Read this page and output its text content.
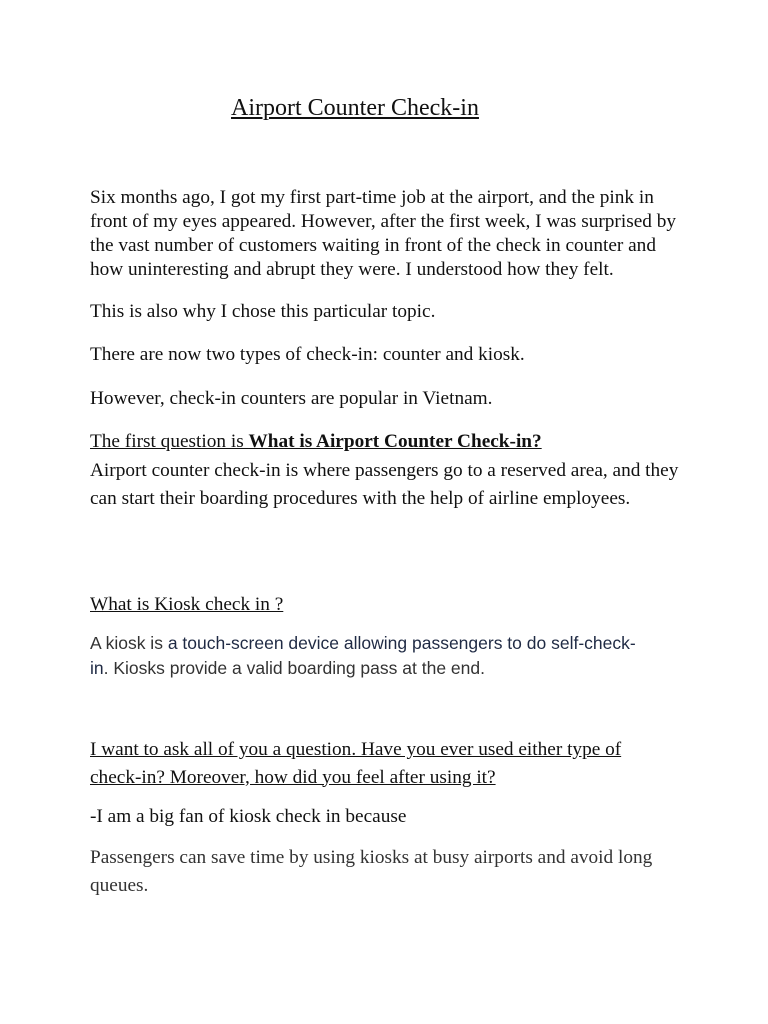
Airport Counter Check-in

Six months ago, I got my first part-time job at the airport, and the pink in front of my eyes appeared. However, after the first week, I was surprised by the vast number of customers waiting in front of the check in counter and how uninteresting and abrupt they were. I understood how they felt.

This is also why I chose this particular topic.

There are now two types of check-in: counter and kiosk.

However, check-in counters are popular in Vietnam.

The first question is What is Airport Counter Check-in?

Airport counter check-in is where passengers go to a reserved area, and they can start their boarding procedures with the help of airline employees.

What is Kiosk check in ?

A kiosk is a touch-screen device allowing passengers to do self-check-in. Kiosks provide a valid boarding pass at the end.

I want to ask all of you a question. Have you ever used either type of check-in? Moreover, how did you feel after using it?

-I am a big fan of kiosk check in because

Passengers can save time by using kiosks at busy airports and avoid long queues.
